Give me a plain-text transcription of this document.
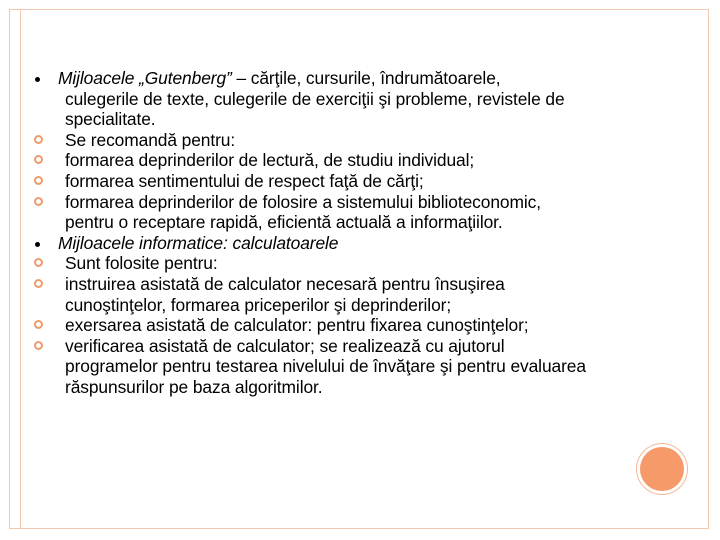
Mijloacele „Gutenberg” – cărţile, cursurile, îndrumătoarele,
culegerile de texte, culegerile de exerciţii şi probleme, revistele de
specialitate.
Se recomandă pentru:
formarea deprinderilor de lectură, de studiu individual;
formarea sentimentului de respect faţă de cărţi;
formarea deprinderilor de folosire a sistemului biblioteconomic,
pentru o receptare rapidă, eficientă actuală a informaţiilor.
Mijloacele informatice: calculatoarele
Sunt folosite pentru:
instruirea asistată de calculator necesară pentru însuşirea
cunoştinţelor, formarea priceperilor şi deprinderilor;
exersarea asistată de calculator: pentru fixarea cunoştinţelor;
verificarea asistată de calculator; se realizează cu ajutorul
programelor pentru testarea nivelului de învăţare şi pentru evaluarea
răspunsurilor pe baza algoritmilor.
